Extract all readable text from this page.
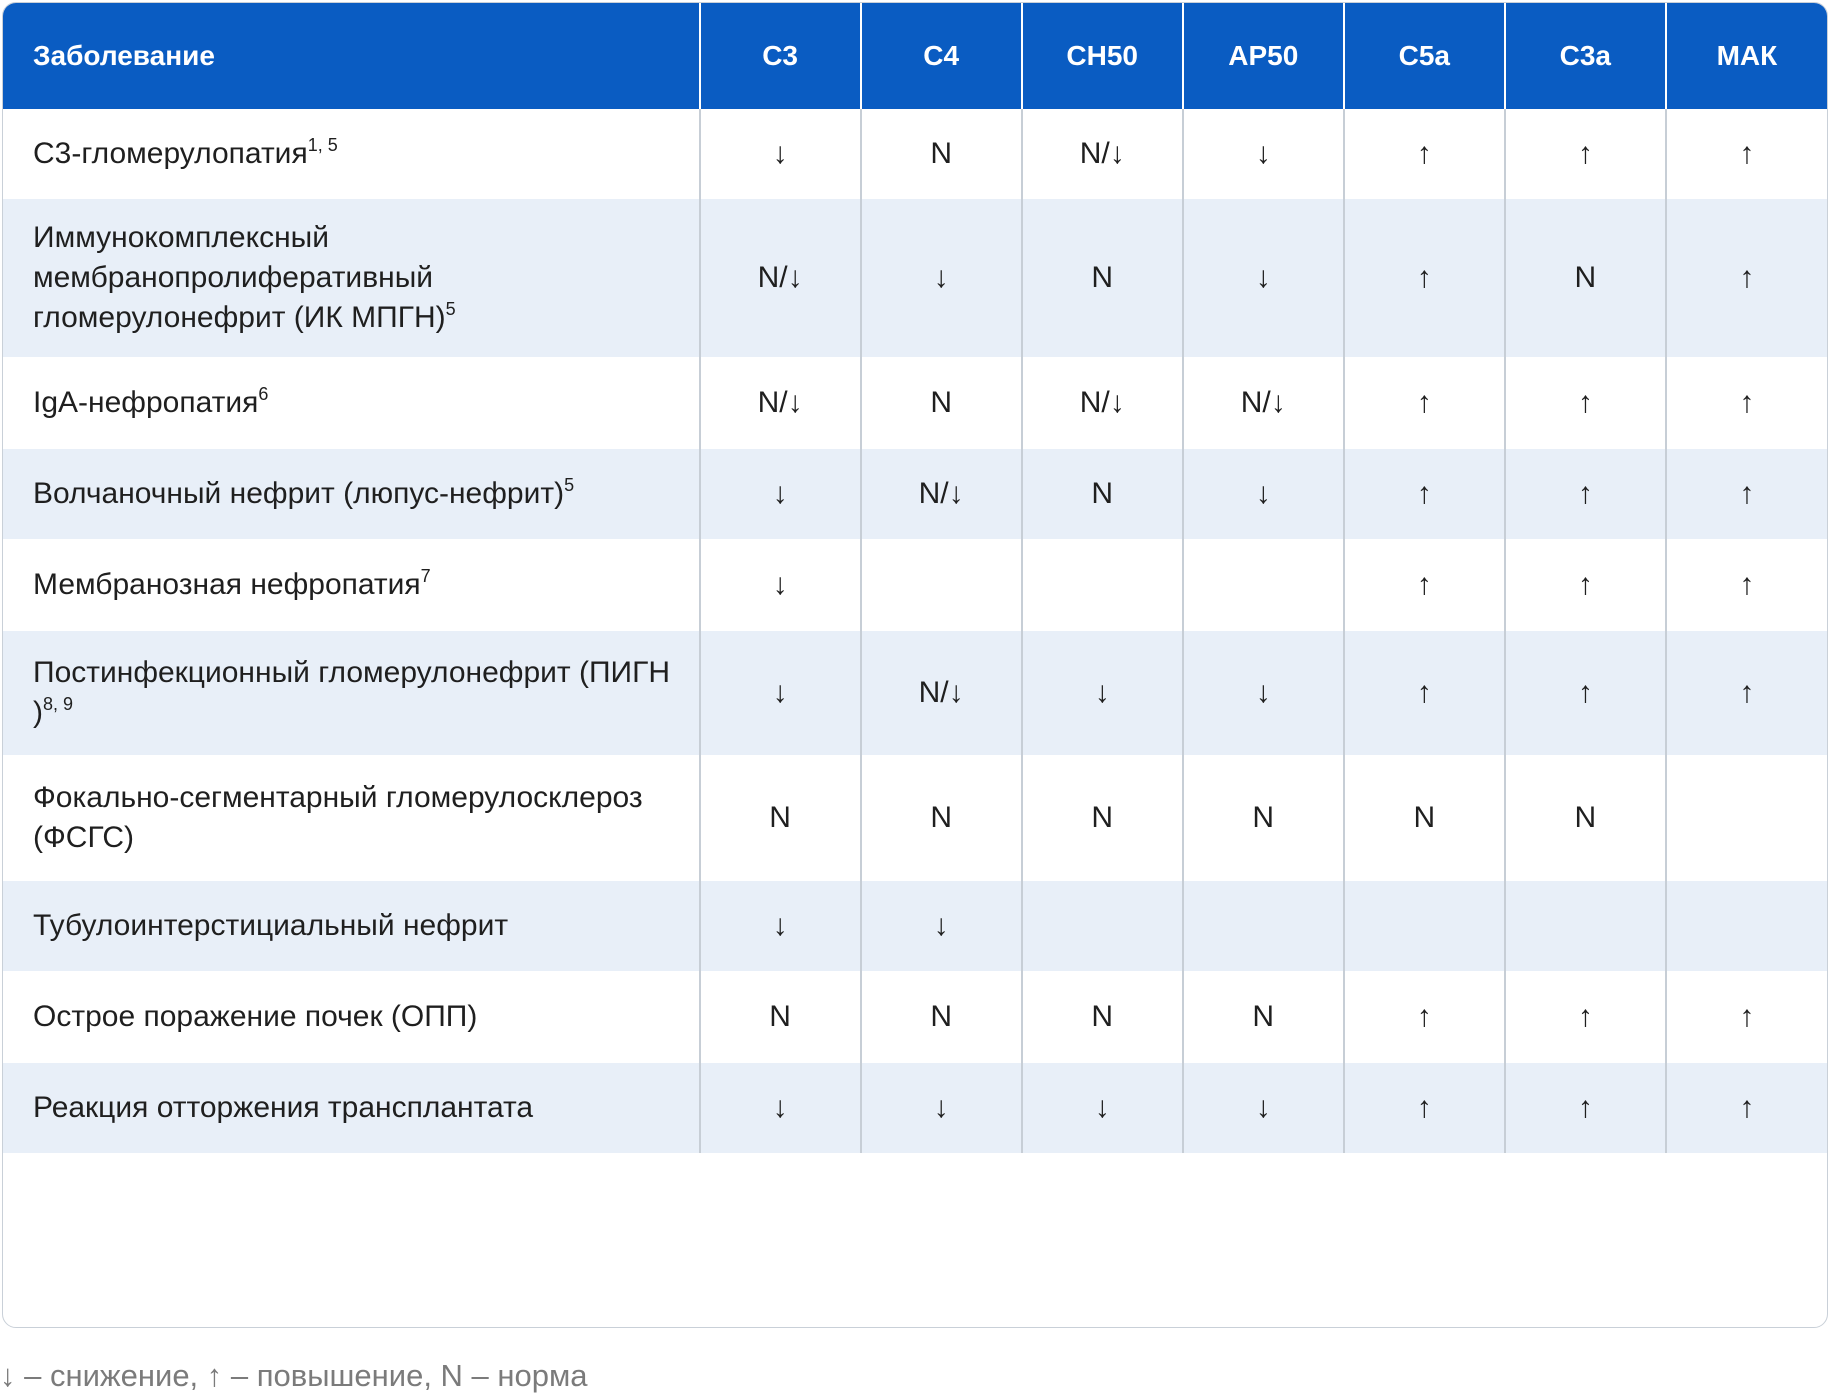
Заболевание	C3	C4	CH50	AP50	C5a	C3a	МАК
С3-гломерулопатия$^{1, 5}$	↓	N	N/↓	↓	↑	↑	↑
Иммунокомплексный мембранопролиферативный гломерулонефрит (ИК МПГН)$^5$	N/↓	↓	N	↓	↑	N	↑
IgA-нефропатия$^6$	N/↓	N	N/↓	N/↓	↑	↑	↑
Волчаночный нефрит (люпус-нефрит)$^5$	↓	N/↓	N	↓	↑	↑	↑
Мембранозная нефропатия$^7$	↓				↑	↑	↑
Постинфекционный гломерулонефрит (ПИГН )$^{8, 9}$	↓	N/↓	↓	↓	↑	↑	↑
Фокально-сегментарный гломерулосклероз (ФСГС)	N	N	N	N	N	N	
Тубулоинтерстициальный нефрит	↓	↓					
Острое поражение почек (ОПП)	N	N	N	N	↑	↑	↑
Реакция отторжения трансплантата	↓	↓	↓	↓	↑	↑	↑
↓ – снижение, ↑ – повышение, N – норма
